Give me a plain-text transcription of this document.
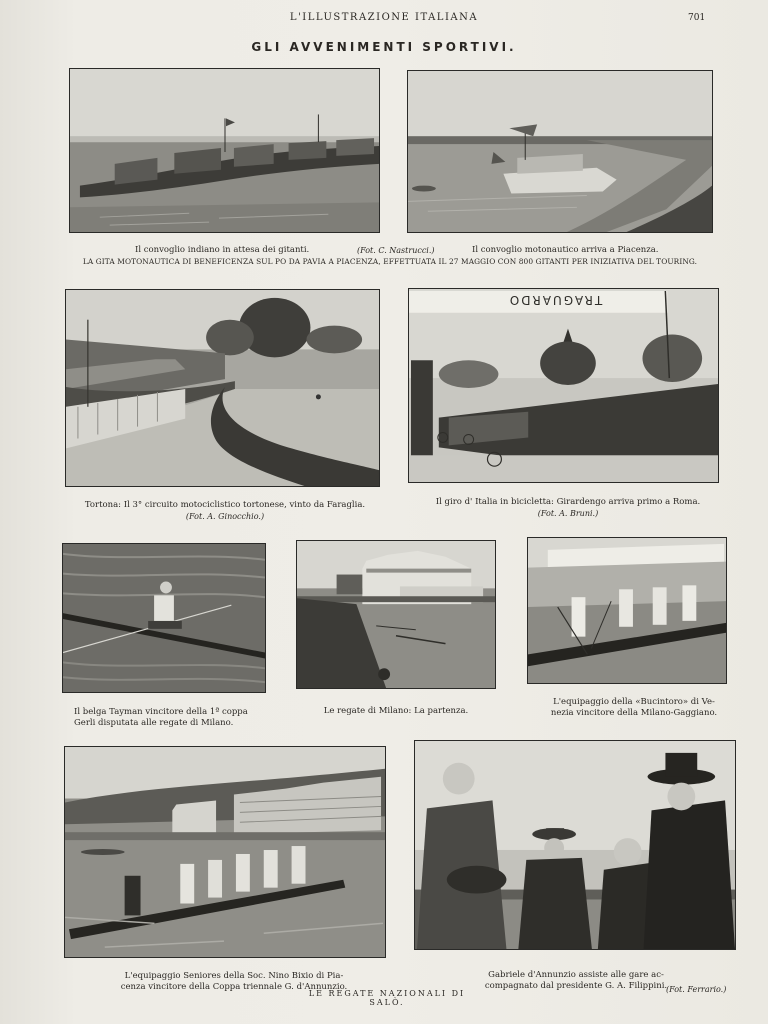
L'ILLUSTRAZIONE ITALIANA	701
GLI AVVENIMENTI SPORTIVI.
Il convoglio indiano in attesa dei gitanti.	(Fot. C. Nastrucci.)	Il convoglio motonautico arriva a Piacenza.
LA GITA MOTONAUTICA DI BENEFICENZA SUL PO DA PAVIA A PIACENZA, EFFETTUATA IL 27 MAGGIO CON 800 GITANTI PER INIZIATIVA DEL TOURING.
TRAGUARDO
Tortona: Il 3° circuito motociclistico tortonese, vinto da Faraglia.
(Fot. A. Ginocchio.)
Il giro d' Italia in bicicletta: Girardengo arriva primo a Roma.
(Fot. A. Bruni.)
Il belga Tayman vincitore della 1ª coppa
Gerli disputata alle regate di Milano.
Le regate di Milano: La partenza.
L'equipaggio della «Bucintoro» di Ve-
nezia vincitore della Milano-Gaggiano.
L'equipaggio Seniores della Soc. Nino Bixio di Pia-
cenza vincitore della Coppa triennale G. d'Annunzio.
Gabriele d'Annunzio assiste alle gare ac-
compagnato dal presidente G. A. Filippini.
(Fot. Ferrario.)
LE REGATE NAZIONALI DI SALÒ.
